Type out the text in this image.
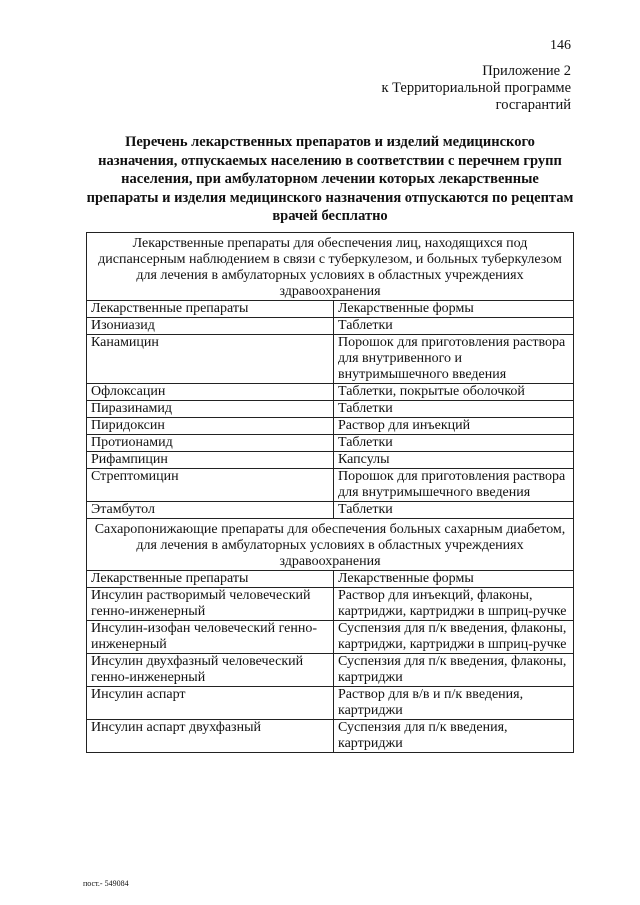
146
Приложение 2
к Территориальной программе
госгарантий
Перечень лекарственных препаратов и изделий медицинского назначения, отпускаемых населению в соответствии с перечнем групп населения, при амбулаторном лечении которых лекарственные препараты и изделия медицинского назначения отпускаются по рецептам врачей бесплатно
Лекарственные препараты для обеспечения лиц, находящихся под диспансерным наблюдением в связи с туберкулезом, и больных туберкулезом для лечения в амбулаторных условиях в областных учреждениях здравоохранения	
Лекарственные препараты	Лекарственные формы
Изониазид	Таблетки
Канамицин	Порошок для приготовления раствора для внутривенного и внутримышечного введения
Офлоксацин	Таблетки, покрытые оболочкой
Пиразинамид	Таблетки
Пиридоксин	Раствор для инъекций
Протионамид	Таблетки
Рифампицин	Капсулы
Стрептомицин	Порошок для приготовления раствора для внутримышечного введения
Этамбутол	Таблетки
Сахаропонижающие препараты для обеспечения больных сахарным диабетом, для лечения в амбулаторных условиях в областных учреждениях здравоохранения	
Лекарственные препараты	Лекарственные формы
Инсулин растворимый человеческий генно-инженерный	Раствор для инъекций, флаконы, картриджи, картриджи в шприц-ручке
Инсулин-изофан человеческий генно-инженерный	Суспензия для п/к введения, флаконы, картриджи, картриджи в шприц-ручке
Инсулин двухфазный человеческий генно-инженерный	Суспензия для п/к введения, флаконы, картриджи
Инсулин аспарт	Раствор для в/в и п/к введения, картриджи
Инсулин аспарт двухфазный	Суспензия для п/к введения, картриджи
пост.- 549084
